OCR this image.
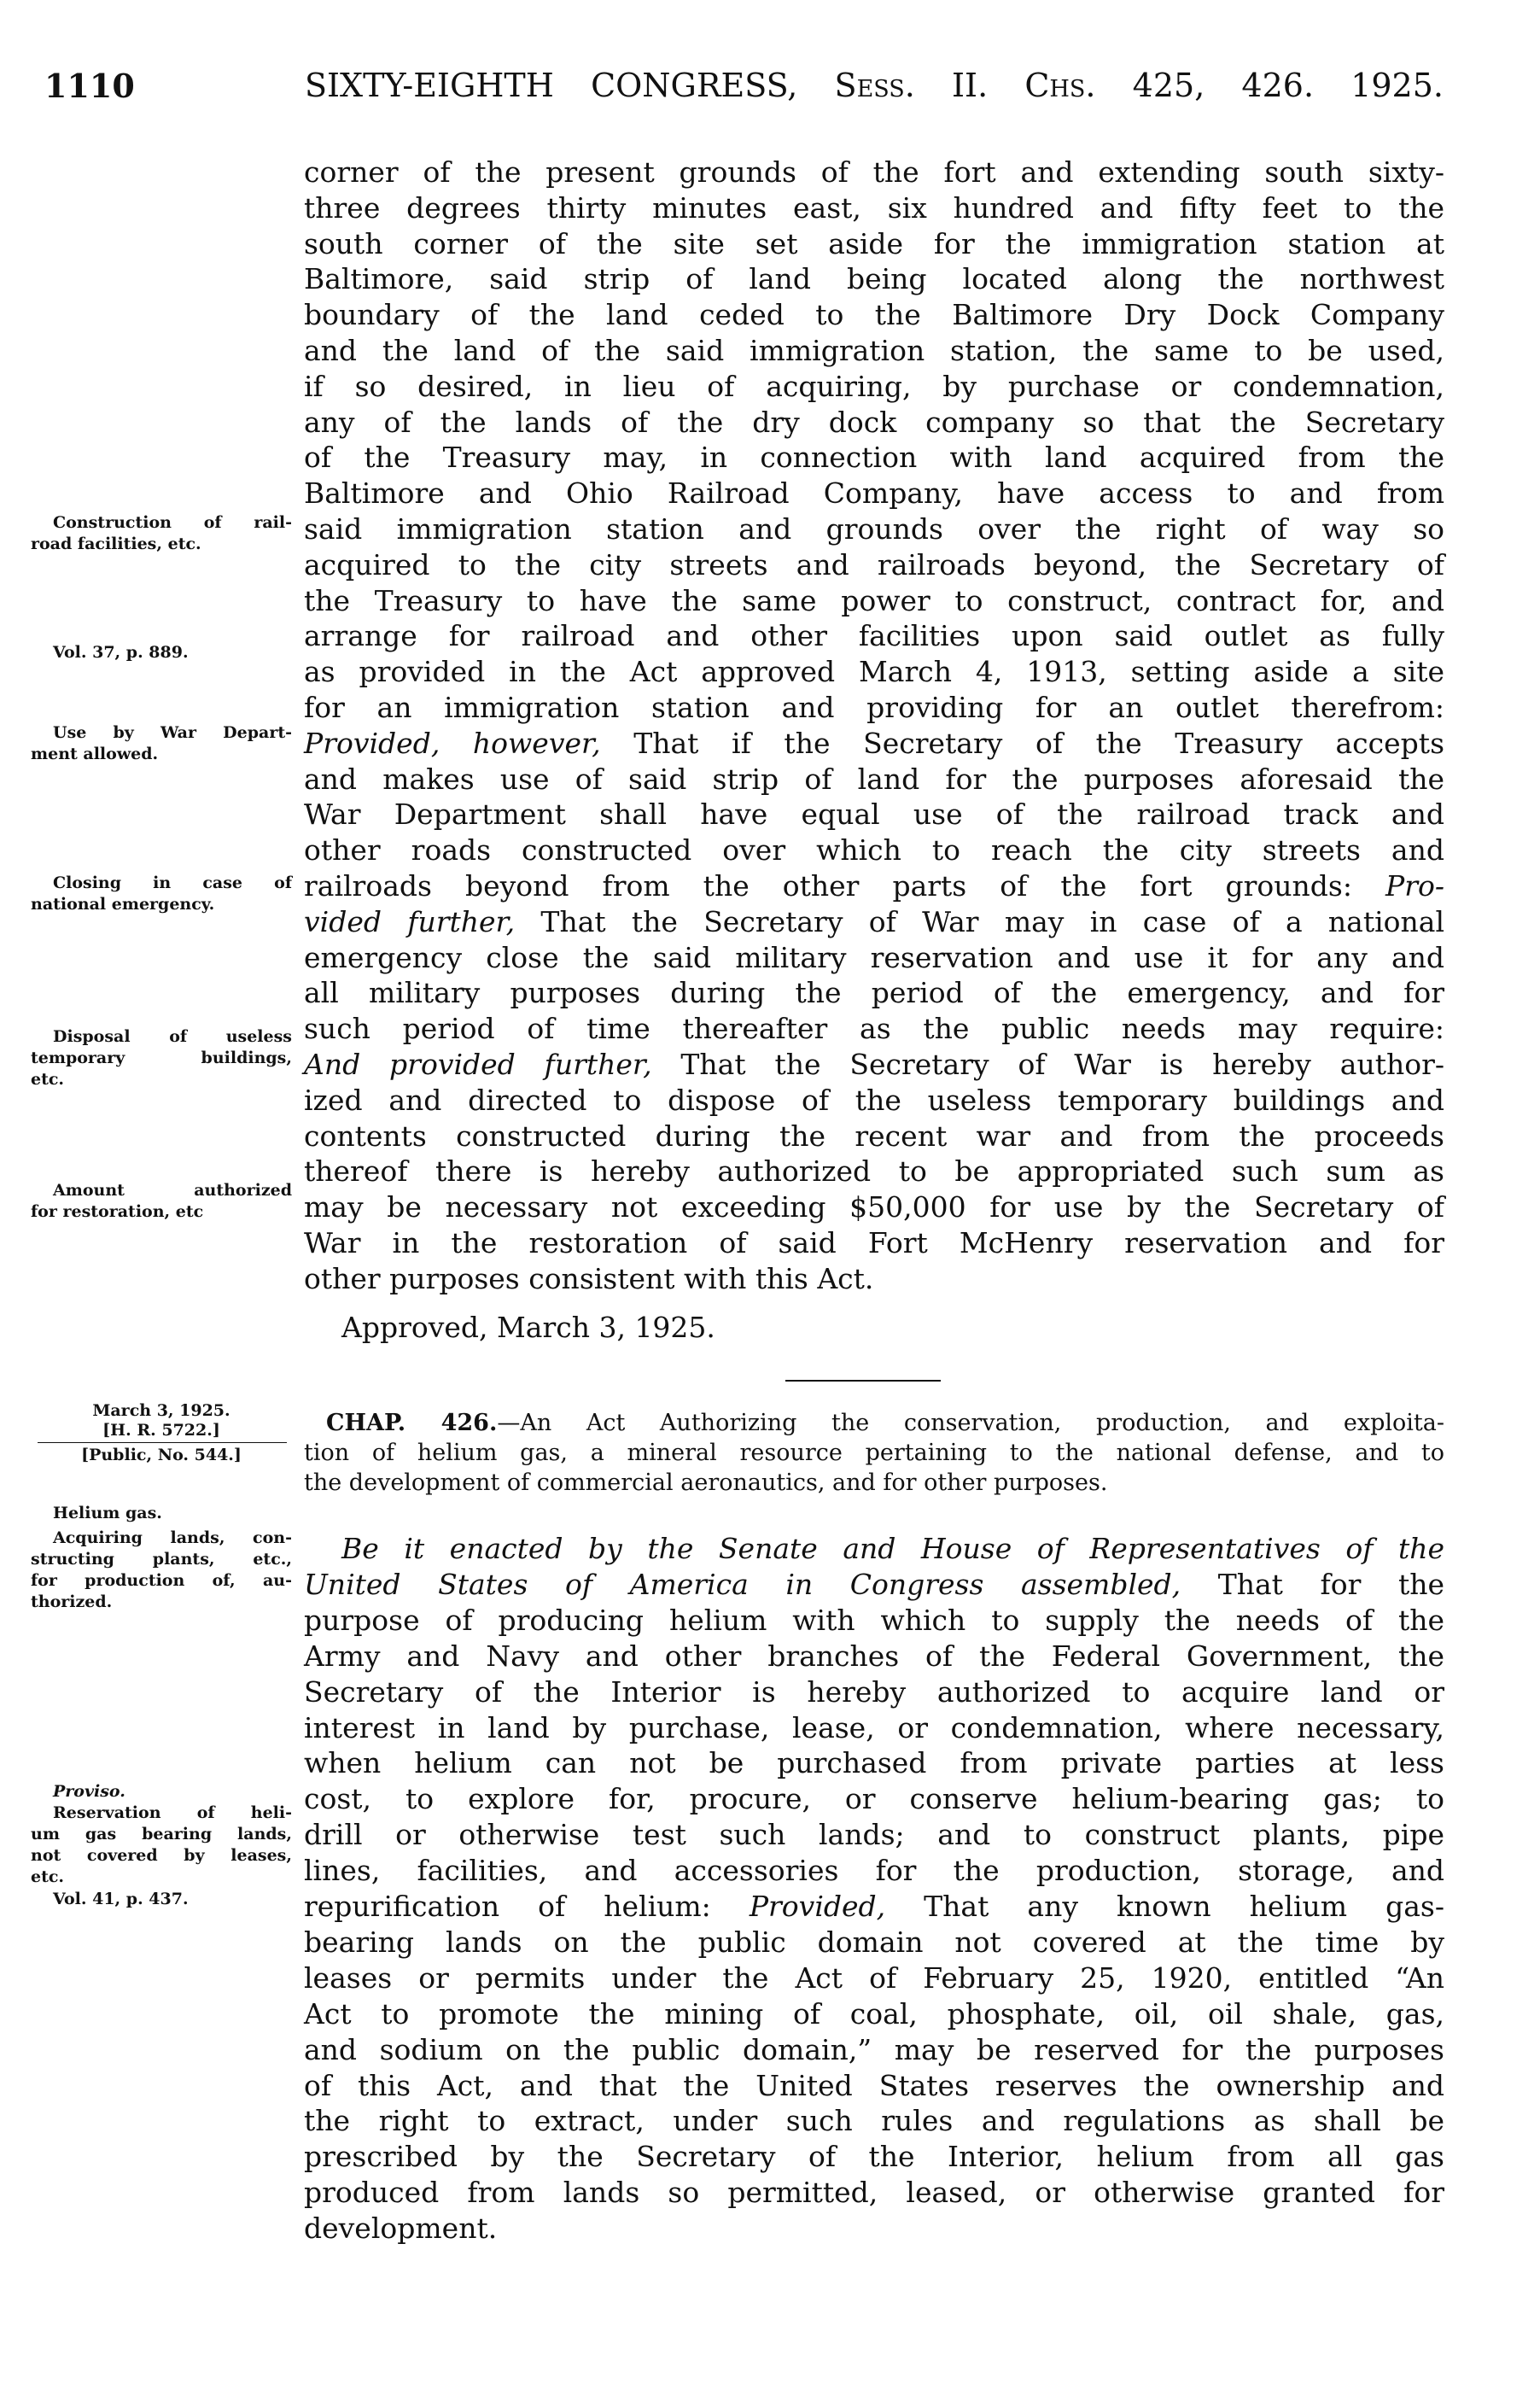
1110	SIXTY-EIGHTH CONGRESS, Sess. II. Chs. 425, 426. 1925.
corner of the present grounds of the fort and extending south sixty-
three degrees thirty minutes east, six hundred and fifty feet to the
south corner of the site set aside for the immigration station at
Baltimore, said strip of land being located along the northwest
boundary of the land ceded to the Baltimore Dry Dock Company
and the land of the said immigration station, the same to be used,
if so desired, in lieu of acquiring, by purchase or condemnation,
any of the lands of the dry dock company so that the Secretary
of the Treasury may, in connection with land acquired from the
Baltimore and Ohio Railroad Company, have access to and from
said immigration station and grounds over the right of way so
acquired to the city streets and railroads beyond, the Secretary of
the Treasury to have the same power to construct, contract for, and
arrange for railroad and other facilities upon said outlet as fully
as provided in the Act approved March 4, 1913, setting aside a site
for an immigration station and providing for an outlet therefrom:
Provided, however, That if the Secretary of the Treasury accepts
and makes use of said strip of land for the purposes aforesaid the
War Department shall have equal use of the railroad track and
other roads constructed over which to reach the city streets and
railroads beyond from the other parts of the fort grounds: Pro-
vided further, That the Secretary of War may in case of a national
emergency close the said military reservation and use it for any and
all military purposes during the period of the emergency, and for
such period of time thereafter as the public needs may require:
And provided further, That the Secretary of War is hereby author-
ized and directed to dispose of the useless temporary buildings and
contents constructed during the recent war and from the proceeds
thereof there is hereby authorized to be appropriated such sum as
may be necessary not exceeding $50,000 for use by the Secretary of
War in the restoration of said Fort McHenry reservation and for
other purposes consistent with this Act.
Approved, March 3, 1925.
Construction of rail-
road facilities, etc.
Vol. 37, p. 889.
Use by War Depart-
ment allowed.
Closing in case of
national emergency.
Disposal of useless
temporary buildings,
etc.
Amount authorized
for restoration, etc
March 3, 1925.
[H. R. 5722.]
[Public, No. 544.]
CHAP. 426.—An Act Authorizing the conservation, production, and exploita-
tion of helium gas, a mineral resource pertaining to the national defense, and to
the development of commercial aeronautics, and for other purposes.
Be it enacted by the Senate and House of Representatives of the
United States of America in Congress assembled, That for the
purpose of producing helium with which to supply the needs of the
Army and Navy and other branches of the Federal Government, the
Secretary of the Interior is hereby authorized to acquire land or
interest in land by purchase, lease, or condemnation, where necessary,
when helium can not be purchased from private parties at less
cost, to explore for, procure, or conserve helium-bearing gas; to
drill or otherwise test such lands; and to construct plants, pipe
lines, facilities, and accessories for the production, storage, and
repurification of helium: Provided, That any known helium gas-
bearing lands on the public domain not covered at the time by
leases or permits under the Act of February 25, 1920, entitled “An
Act to promote the mining of coal, phosphate, oil, oil shale, gas,
and sodium on the public domain,” may be reserved for the purposes
of this Act, and that the United States reserves the ownership and
the right to extract, under such rules and regulations as shall be
prescribed by the Secretary of the Interior, helium from all gas
produced from lands so permitted, leased, or otherwise granted for
development.
Helium gas.
Acquiring lands, con-
structing plants, etc.,
for production of, au-
thorized.
Proviso.
Reservation of heli-
um gas bearing lands,
not covered by leases,
etc.
Vol. 41, p. 437.
